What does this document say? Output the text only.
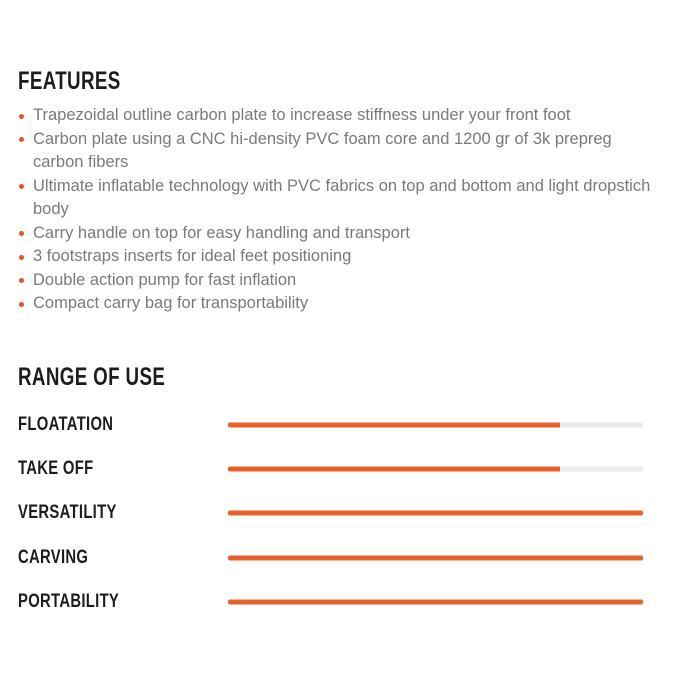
FEATURES
Trapezoidal outline carbon plate to increase stiffness under your front foot
Carbon plate using a CNC hi-density PVC foam core and 1200 gr of 3k prepreg carbon fibers
Ultimate inflatable technology with PVC fabrics on top and bottom and light dropstich body
Carry handle on top for easy handling and transport
3 footstraps inserts for ideal feet positioning
Double action pump for fast inflation
Compact carry bag for transportability
RANGE OF USE
FLOATATION
TAKE OFF
VERSATILITY
CARVING
PORTABILITY
